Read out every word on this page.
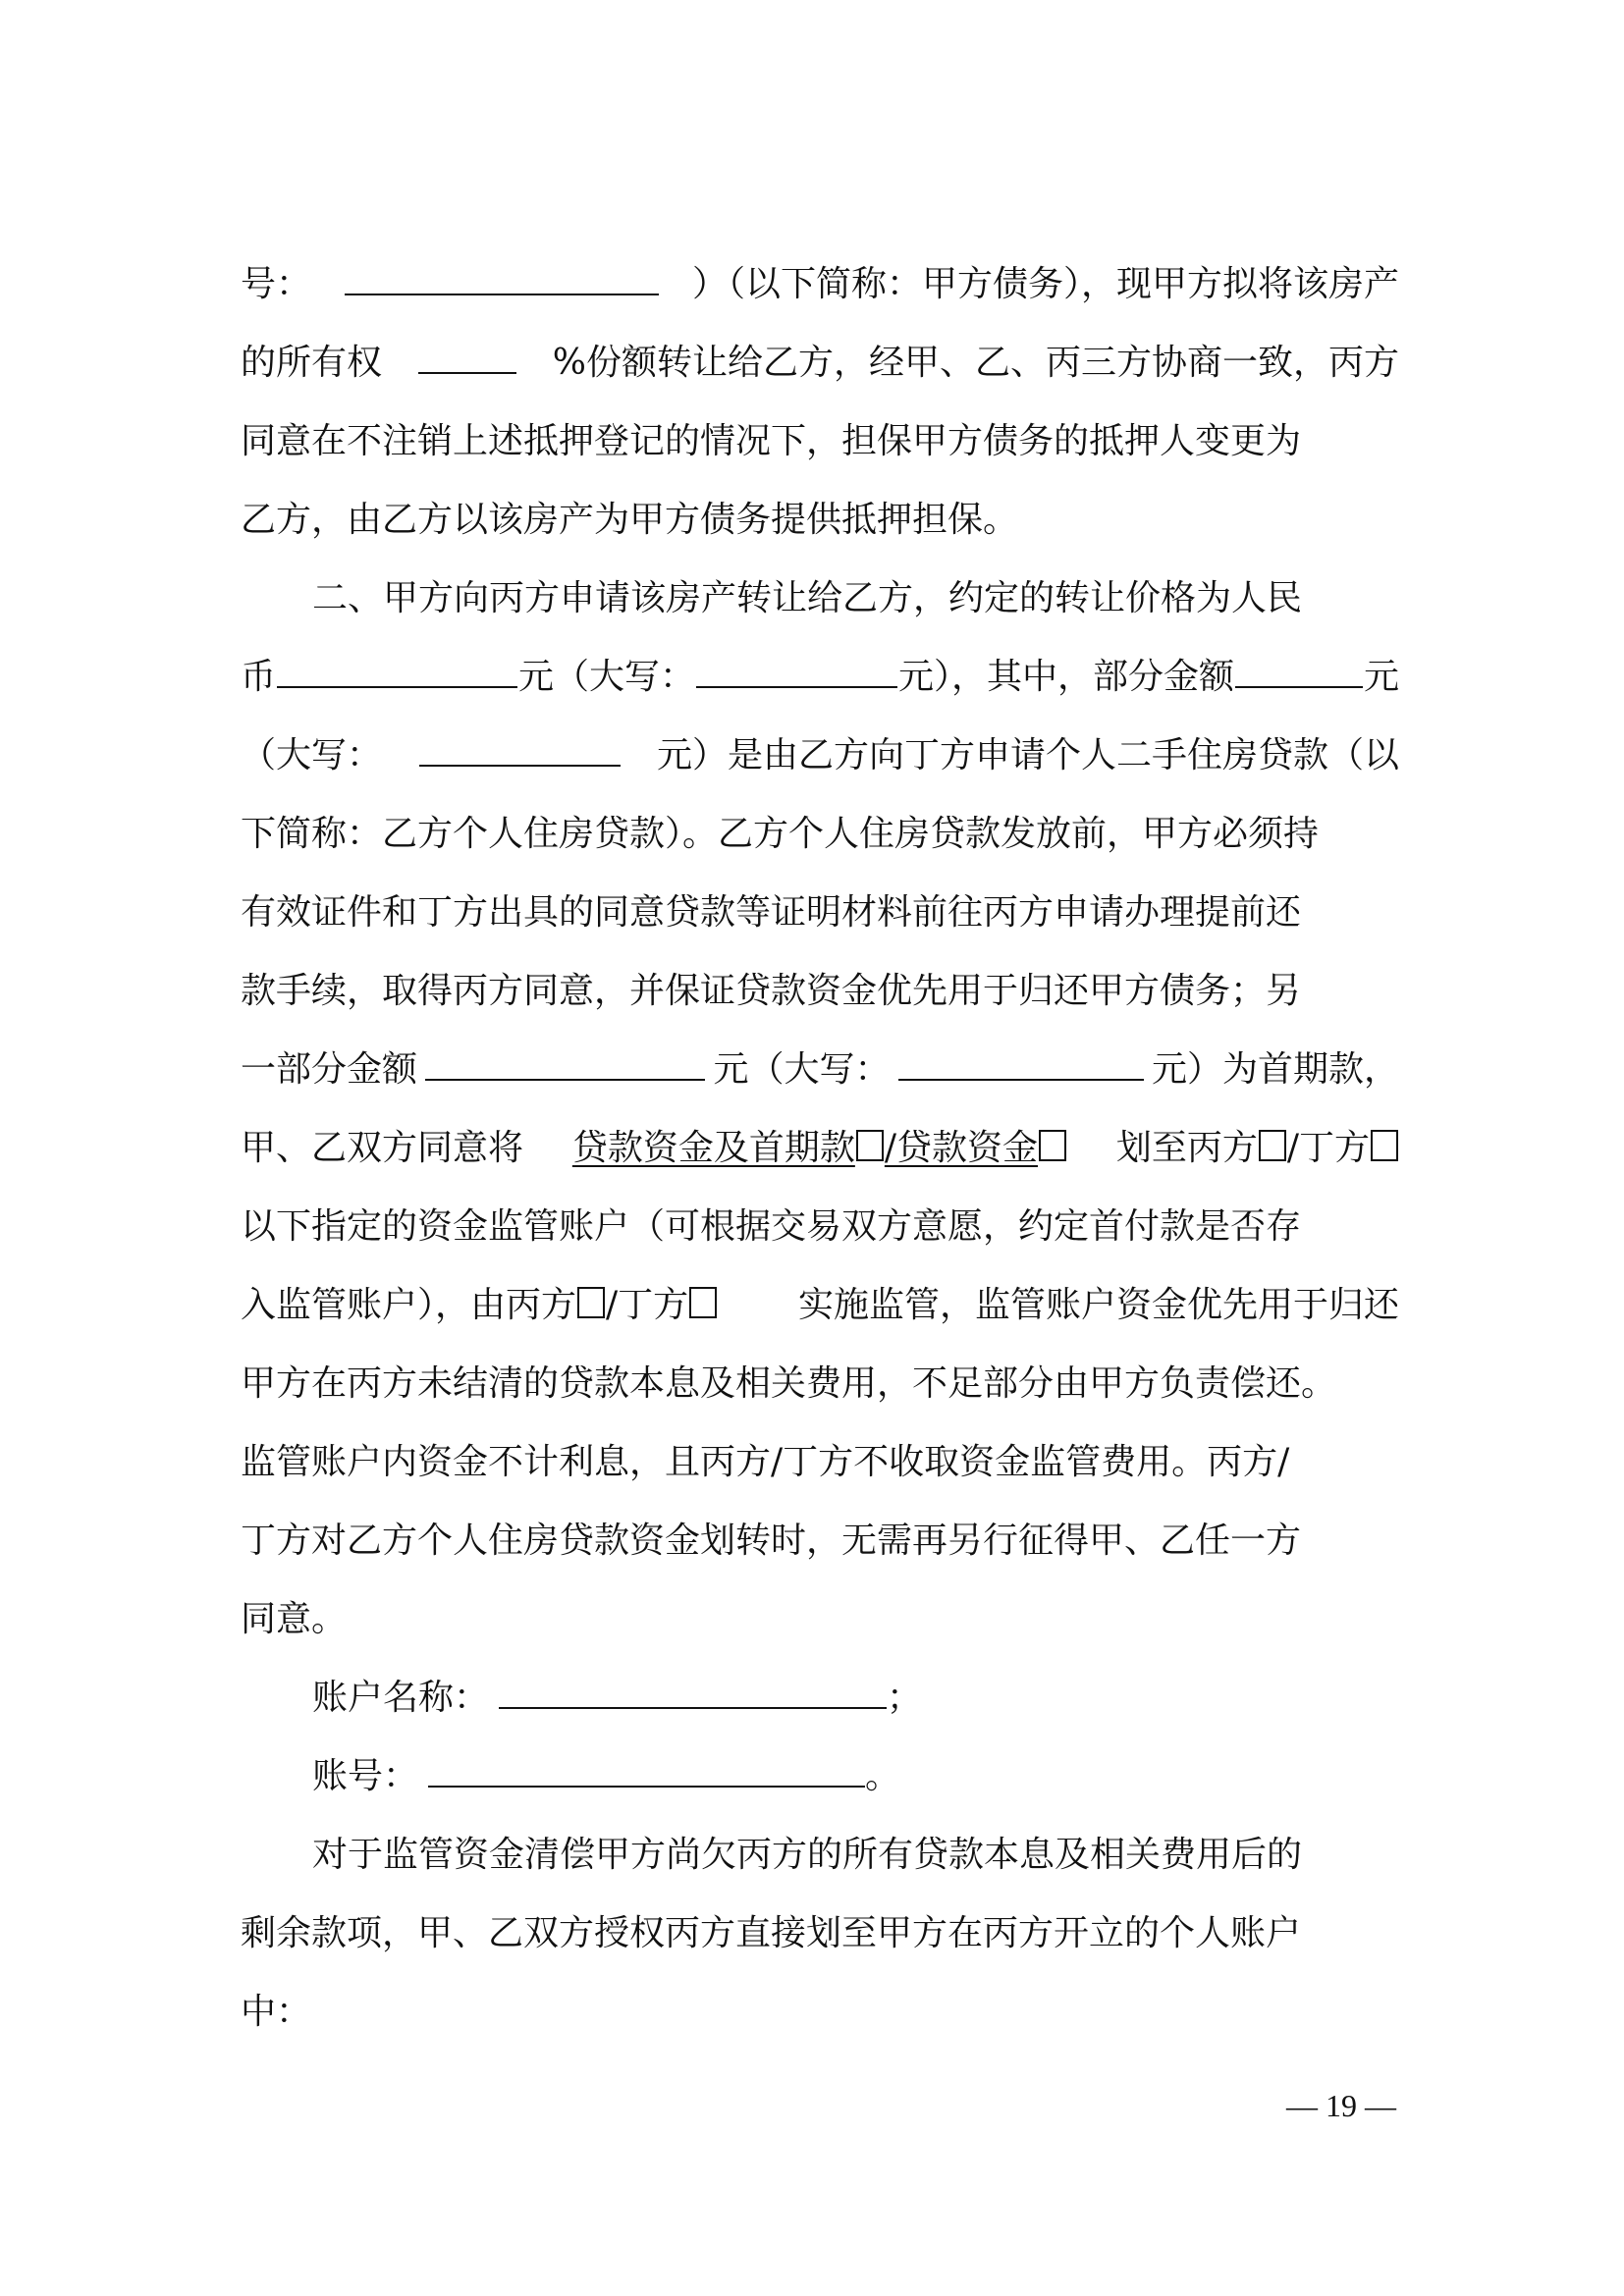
号：	）（以下简称：甲方债务），现甲方拟将该房产
的所有权	%份额转让给乙方，经甲、乙、丙三方协商一致，丙方
同意在不注销上述抵押登记的情况下，担保甲方债务的抵押人变更为
乙方，由乙方以该房产为甲方债务提供抵押担保。
二、甲方向丙方申请该房产转让给乙方，约定的转让价格为人民
币	元（大写：	元），其中，部分金额	元
（大写：	元）是由乙方向丁方申请个人二手住房贷款（以
下简称：乙方个人住房贷款）。乙方个人住房贷款发放前，甲方必须持
有效证件和丁方出具的同意贷款等证明材料前往丙方申请办理提前还
款手续，取得丙方同意，并保证贷款资金优先用于归还甲方债务；另
一部分金额	元（大写：	元）为首期款，
甲、乙双方同意将 贷款资金及首期款 /贷款资金	划至丙方 /丁方
以下指定的资金监管账户（可根据交易双方意愿，约定首付款是否存
入监管账户），由丙方 /丁方	实施监管，监管账户资金优先用于归还
甲方在丙方未结清的贷款本息及相关费用，不足部分由甲方负责偿还。
监管账户内资金不计利息，且丙方/丁方不收取资金监管费用。丙方/
丁方对乙方个人住房贷款资金划转时，无需再另行征得甲、乙任一方
同意。
账户名称：	；
账号：	。
对于监管资金清偿甲方尚欠丙方的所有贷款本息及相关费用后的
剩余款项，甲、乙双方授权丙方直接划至甲方在丙方开立的个人账户
中：
— 19 —
